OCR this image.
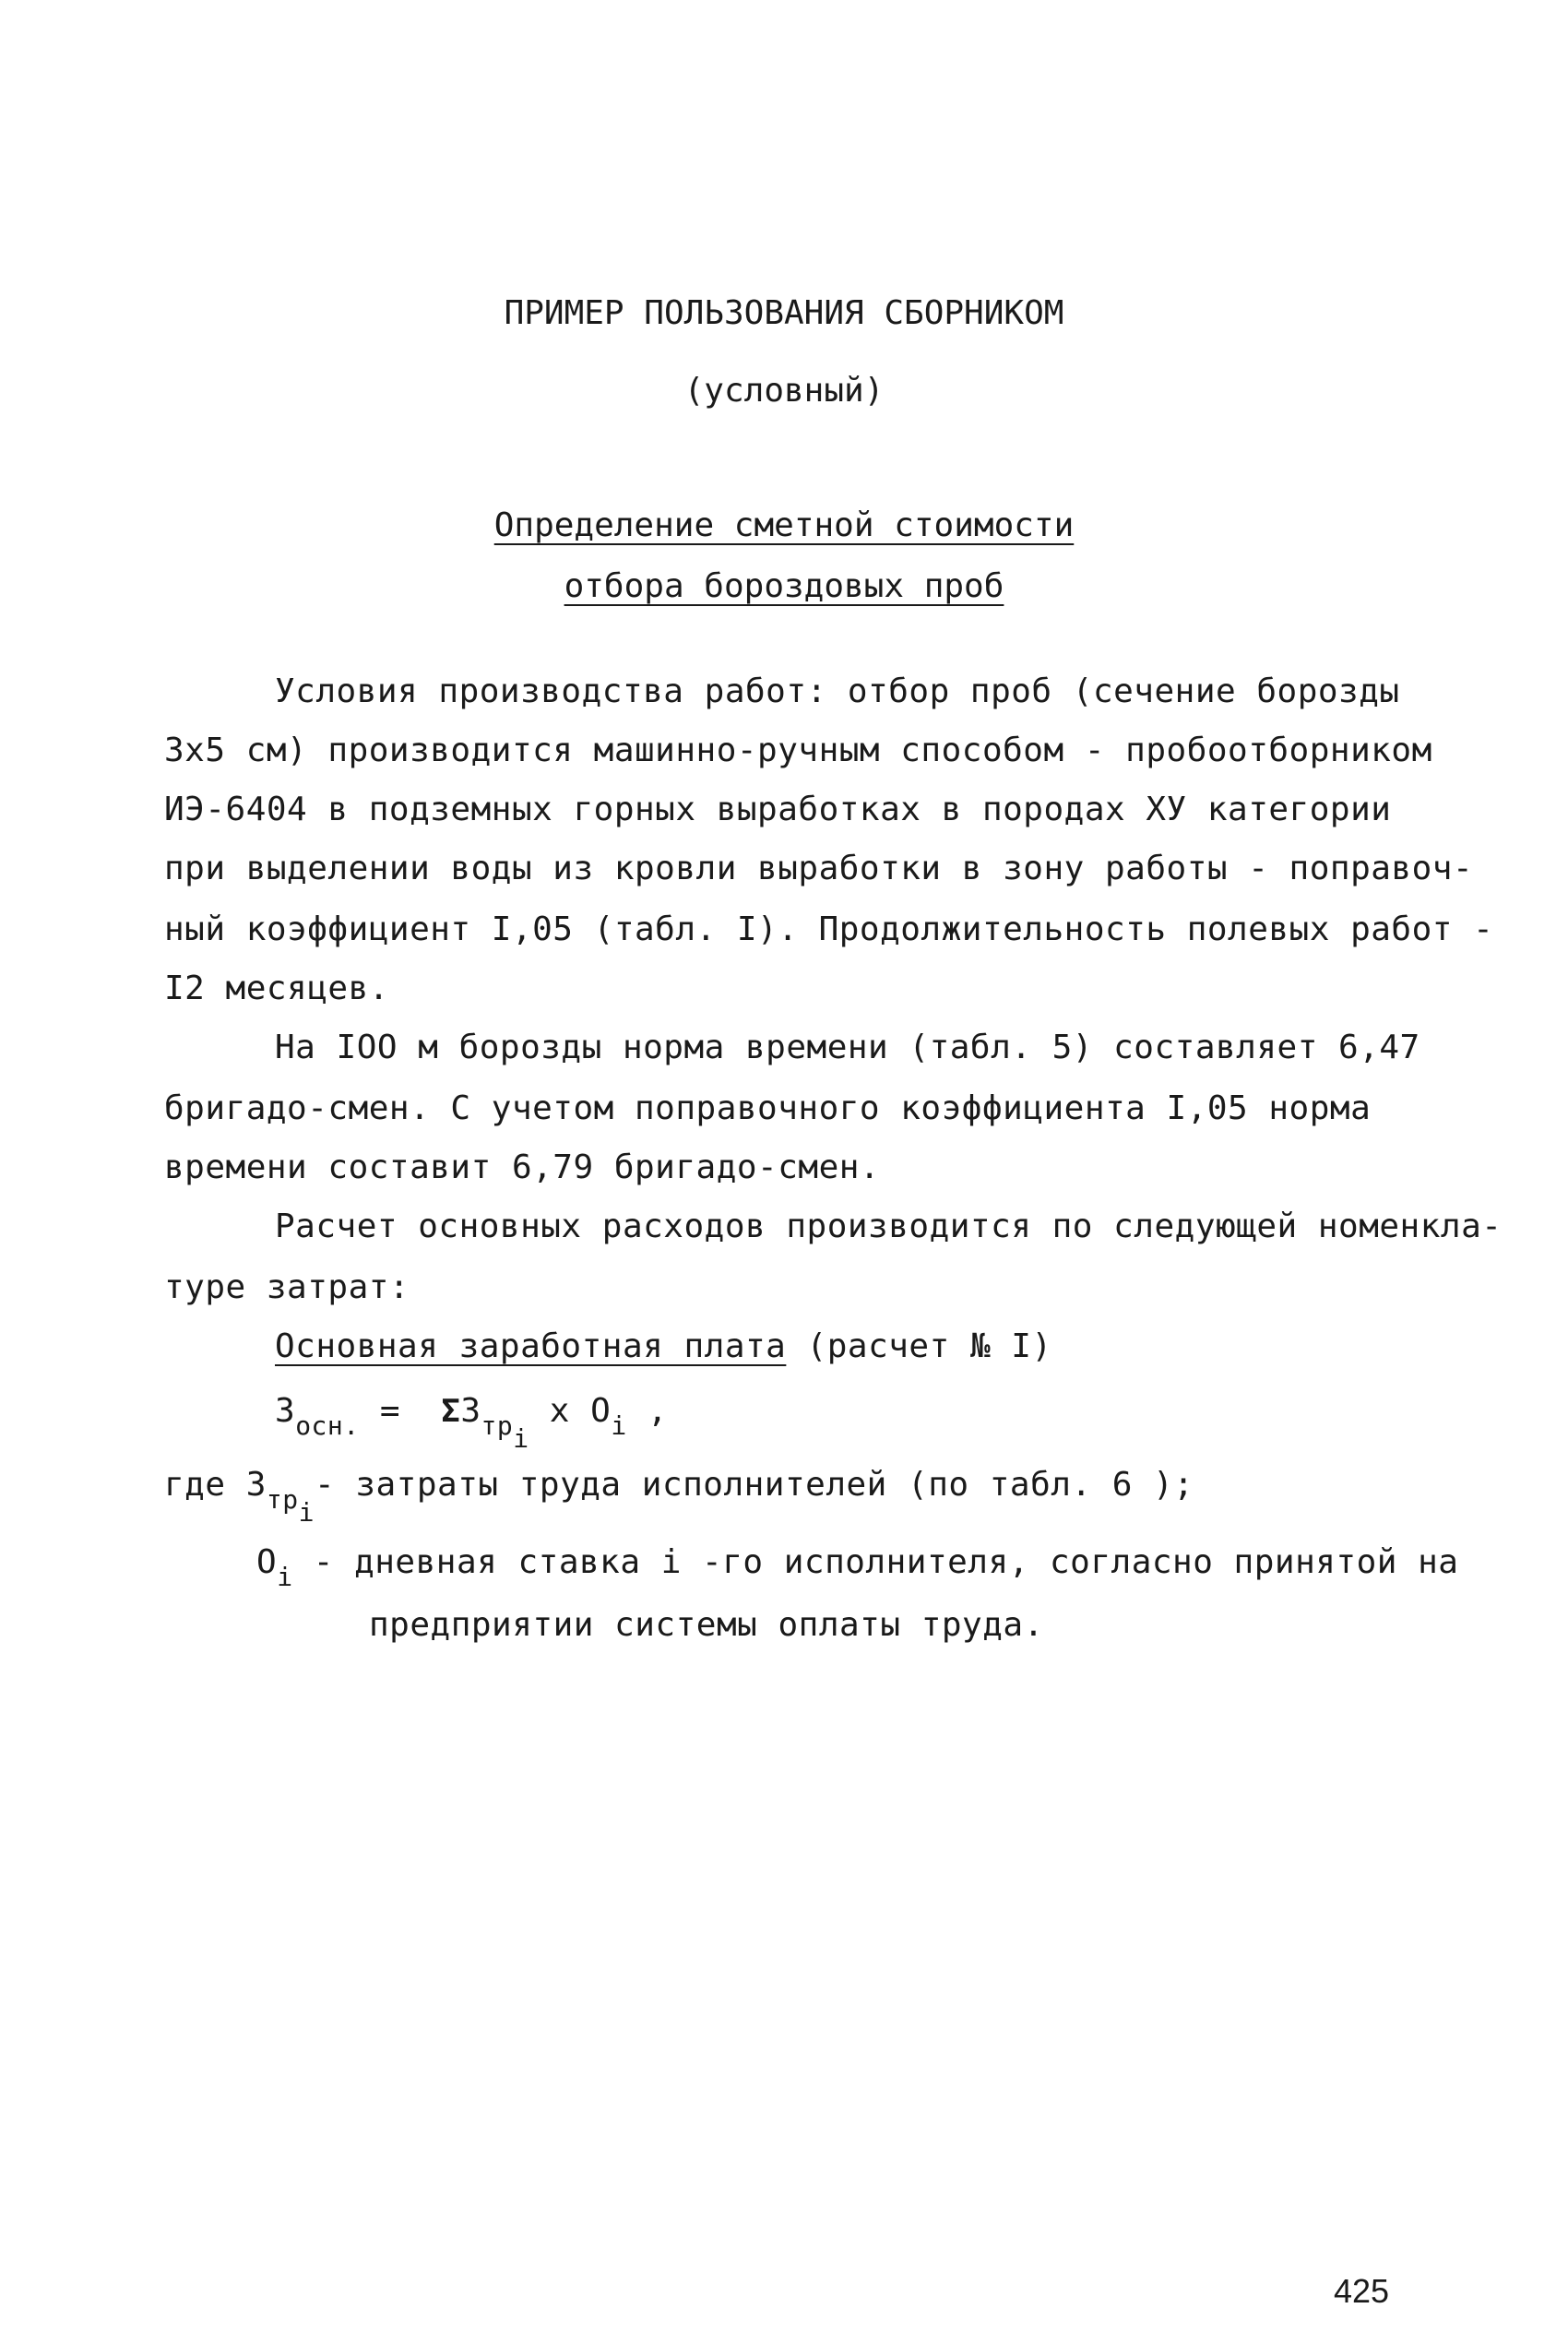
ПРИМЕР ПОЛЬЗОВАНИЯ СБОРНИКОМ
(условный)
Определение сметной стоимости
отбора бороздовых проб
Условия производства работ: отбор проб (сечение борозды
3х5 см) производится машинно-ручным способом - пробоотборником
ИЭ-6404 в подземных горных выработках в породах ХУ категории
при выделении воды из кровли выработки в зону работы - поправоч-
ный коэффициент I,05 (табл. I). Продолжительность полевых работ -
I2 месяцев.
На IOO м борозды норма времени (табл. 5) составляет 6,47
бригадо-смен. С учетом поправочного коэффициента I,05 норма
времени составит 6,79 бригадо-смен.
Расчет основных расходов производится по следующей номенкла-
туре затрат:
Основная заработная плата (расчет № I)
$З_{осн.} = \Sigma З_{тр_i}$ х $О_i$ ,
где $З_{тр_i}-$ затраты труда исполнителей (по табл. 6 );
$О_i$ - дневная ставка i -го исполнителя, согласно принятой на
предприятии системы оплаты труда.
425
